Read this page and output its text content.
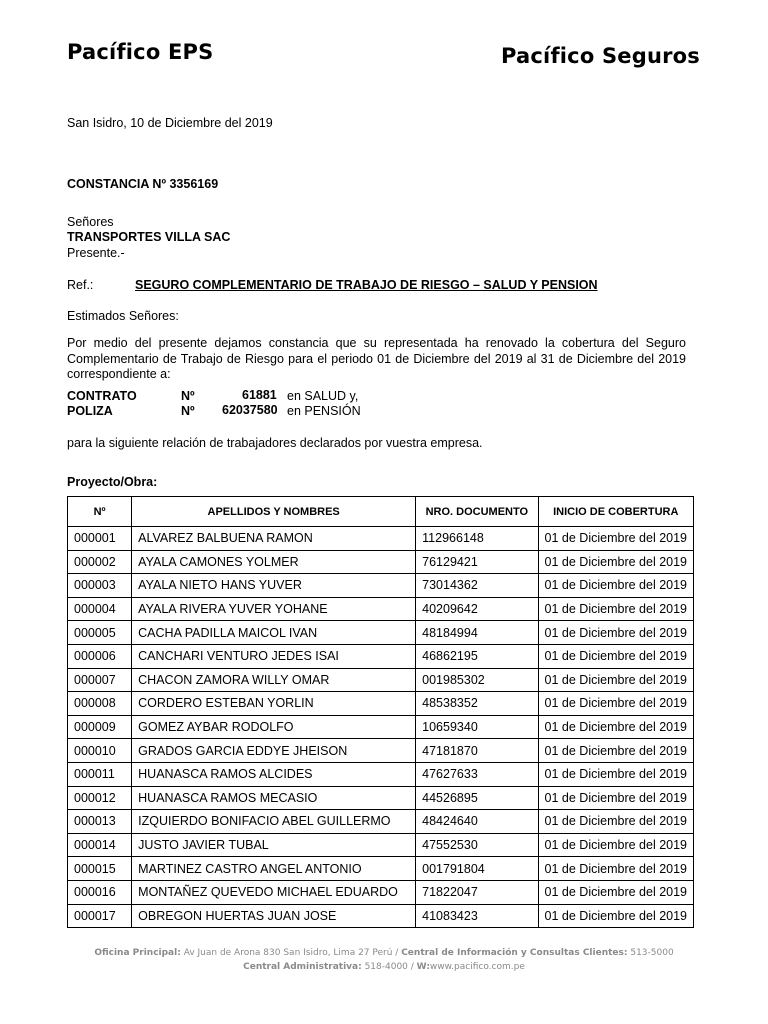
Pacífico EPS	Pacífico Seguros
San Isidro, 10 de Diciembre del 2019
CONSTANCIA Nº 3356169
Señores
TRANSPORTES VILLA SAC
Presente.-
Ref.:	SEGURO COMPLEMENTARIO DE TRABAJO DE RIESGO – SALUD Y PENSION
Estimados Señores:
Por medio del presente dejamos constancia que su representada ha renovado la cobertura del Seguro Complementario de Trabajo de Riesgo para el periodo 01 de Diciembre del 2019 al 31 de Diciembre del 2019 correspondiente a:
CONTRATO	Nº	61881 en SALUD y,
POLIZA	Nº 62037580 en PENSIÓN
para la siguiente relación de trabajadores declarados por vuestra empresa.
Proyecto/Obra:
Nº	APELLIDOS Y NOMBRES	NRO. DOCUMENTO	INICIO DE COBERTURA
000001	ALVAREZ BALBUENA RAMON	112966148	01 de Diciembre del 2019
000002	AYALA CAMONES YOLMER	76129421	01 de Diciembre del 2019
000003	AYALA NIETO HANS YUVER	73014362	01 de Diciembre del 2019
000004	AYALA RIVERA YUVER YOHANE	40209642	01 de Diciembre del 2019
000005	CACHA PADILLA MAICOL IVAN	48184994	01 de Diciembre del 2019
000006	CANCHARI VENTURO JEDES ISAI	46862195	01 de Diciembre del 2019
000007	CHACON ZAMORA WILLY OMAR	001985302	01 de Diciembre del 2019
000008	CORDERO ESTEBAN YORLIN	48538352	01 de Diciembre del 2019
000009	GOMEZ AYBAR RODOLFO	10659340	01 de Diciembre del 2019
000010	GRADOS GARCIA EDDYE JHEISON	47181870	01 de Diciembre del 2019
000011	HUANASCA RAMOS ALCIDES	47627633	01 de Diciembre del 2019
000012	HUANASCA RAMOS MECASIO	44526895	01 de Diciembre del 2019
000013	IZQUIERDO BONIFACIO ABEL GUILLERMO	48424640	01 de Diciembre del 2019
000014	JUSTO JAVIER TUBAL	47552530	01 de Diciembre del 2019
000015	MARTINEZ CASTRO ANGEL ANTONIO	001791804	01 de Diciembre del 2019
000016	MONTAÑEZ QUEVEDO MICHAEL EDUARDO	71822047	01 de Diciembre del 2019
000017	OBREGON HUERTAS JUAN JOSE	41083423	01 de Diciembre del 2019
Oficina Principal: Av Juan de Arona 830 San Isidro, Lima 27 Perú / Central de Información y Consultas Clientes: 513-5000
Central Administrativa: 518-4000 / W:www.pacifico.com.pe
